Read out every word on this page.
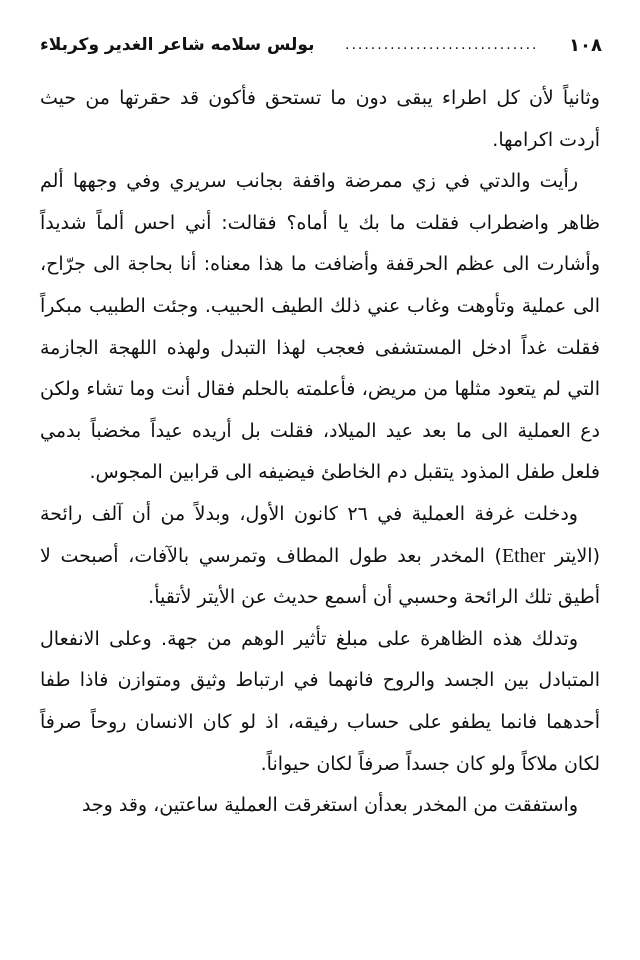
١٠٨
..............................
بولس سلامه شاعر الغدير وكربلاء

وثانياً لأن كل اطراء يبقى دون ما تستحق فأكون قد حقرتها من حيث أردت اكرامها.

رأيت والدتي في زي ممرضة واقفة بجانب سريري وفي وجهها ألم ظاهر واضطراب فقلت ما بك يا أماه؟ فقالت: أني احس ألماً شديداً وأشارت الى عظم الحرقفة وأضافت ما هذا معناه: أنا بحاجة الى جرّاح، الى عملية وتأوهت وغاب عني ذلك الطيف الحبيب. وجئت الطبيب مبكراً فقلت غداً ادخل المستشفى فعجب لهذا التبدل ولهذه اللهجة الجازمة التي لم يتعود مثلها من مريض، فأعلمته بالحلم فقال أنت وما تشاء ولكن دع العملية الى ما بعد عيد الميلاد، فقلت بل أريده عيداً مخضباً بدمي فلعل طفل المذود يتقبل دم الخاطئ فيضيفه الى قرابين المجوس.

ودخلت غرفة العملية في ٢٦ كانون الأول، وبدلاً من أن آلف رائحة (الايتر Ether) المخدر بعد طول المطاف وتمرسي بالآفات، أصبحت لا أطيق تلك الرائحة وحسبي أن أسمع حديث عن الأيتر لأتقيأ.

وتدلك هذه الظاهرة على مبلغ تأثير الوهم من جهة. وعلى الانفعال المتبادل بين الجسد والروح فانهما في ارتباط وثيق ومتوازن فاذا طفا أحدهما فانما يطفو على حساب رفيقه، اذ لو كان الانسان روحاً صرفاً لكان ملاكاً ولو كان جسداً صرفاً لكان حيواناً.

واستفقت من المخدر بعدأن استغرقت العملية ساعتين، وقد وجد
